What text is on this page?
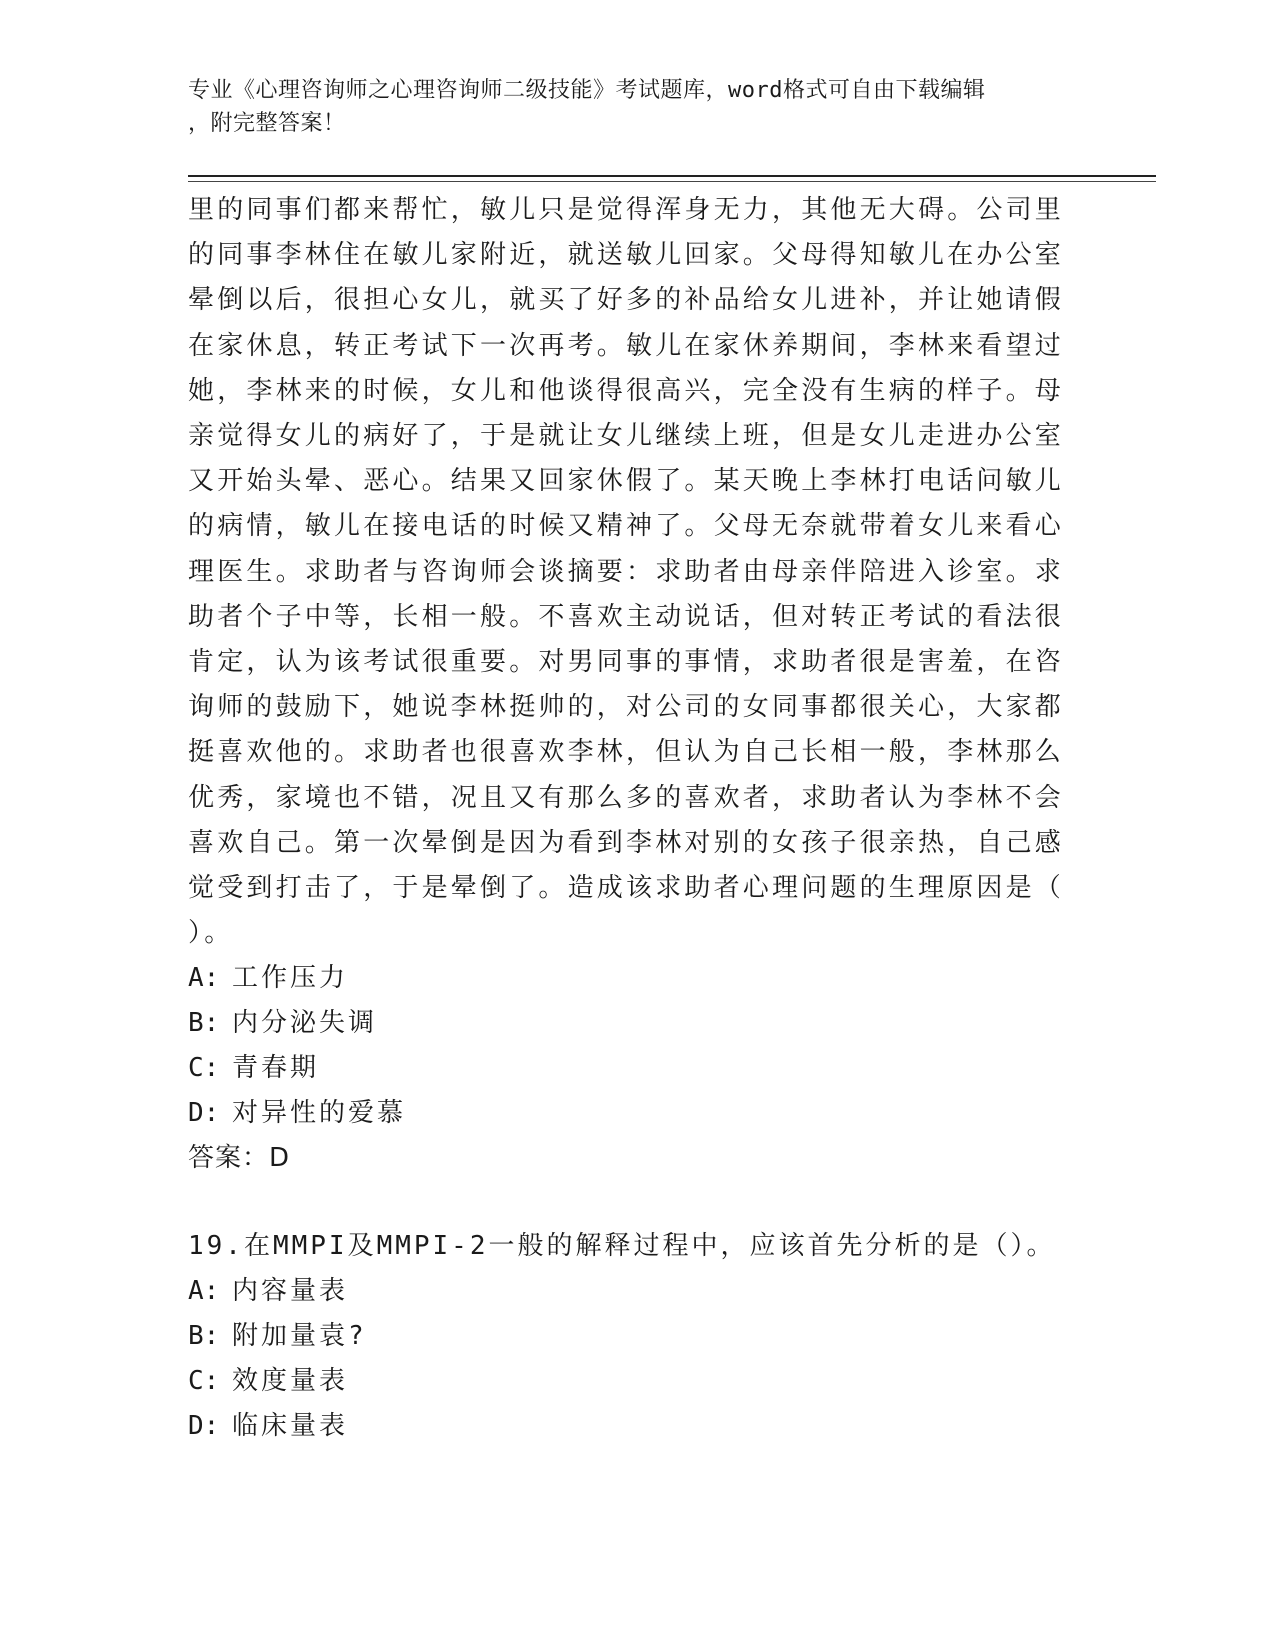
专业《心理咨询师之心理咨询师二级技能》考试题库，word格式可自由下载编辑
，附完整答案！

里的同事们都来帮忙，敏儿只是觉得浑身无力，其他无大碍。公司里

的同事李林住在敏儿家附近，就送敏儿回家。父母得知敏儿在办公室

晕倒以后，很担心女儿，就买了好多的补品给女儿进补，并让她请假

在家休息，转正考试下一次再考。敏儿在家休养期间，李林来看望过

她，李林来的时候，女儿和他谈得很高兴，完全没有生病的样子。母

亲觉得女儿的病好了，于是就让女儿继续上班，但是女儿走进办公室

又开始头晕、恶心。结果又回家休假了。某天晚上李林打电话问敏儿

的病情，敏儿在接电话的时候又精神了。父母无奈就带着女儿来看心

理医生。求助者与咨询师会谈摘要：求助者由母亲伴陪进入诊室。求

助者个子中等，长相一般。不喜欢主动说话，但对转正考试的看法很

肯定，认为该考试很重要。对男同事的事情，求助者很是害羞，在咨

询师的鼓励下，她说李林挺帅的，对公司的女同事都很关心，大家都

挺喜欢他的。求助者也很喜欢李林，但认为自己长相一般，李林那么

优秀，家境也不错，况且又有那么多的喜欢者，求助者认为李林不会

喜欢自己。第一次晕倒是因为看到李林对别的女孩子很亲热，自己感

觉受到打击了，于是晕倒了。造成该求助者心理问题的生理原因是（

）。

A: 工作压力

B: 内分泌失调

C: 青春期

D: 对异性的爱慕

答案：D

19.在MMPI及MMPI-2一般的解释过程中，应该首先分析的是（）。

A: 内容量表

B: 附加量袁?

C: 效度量表

D: 临床量表
